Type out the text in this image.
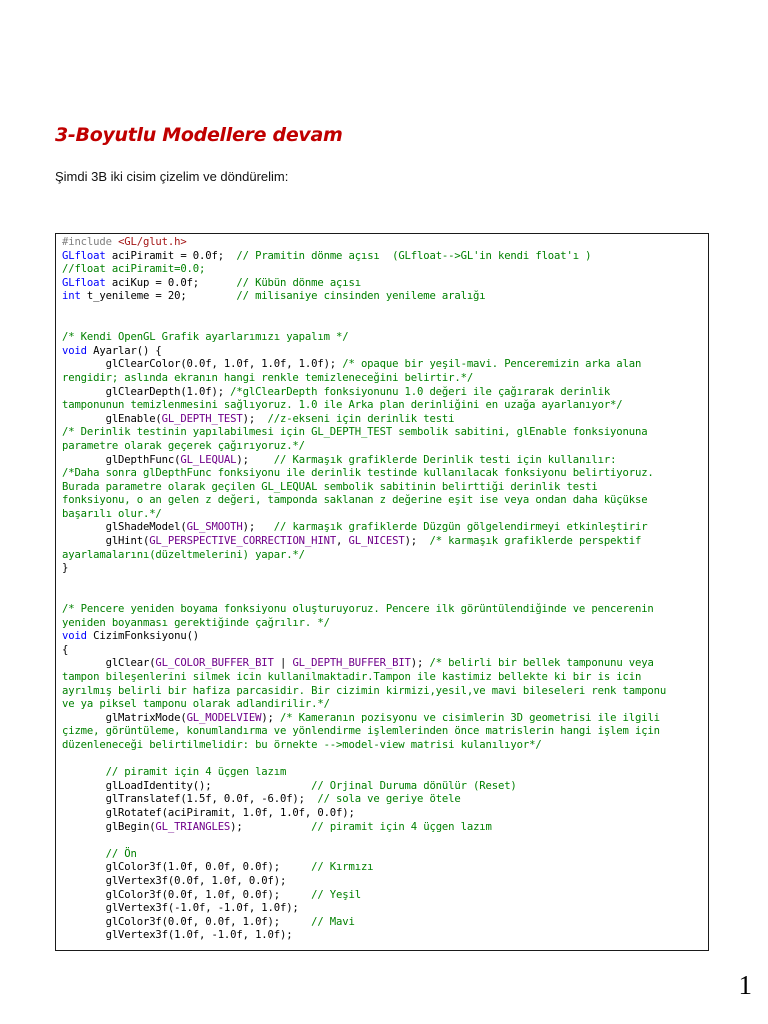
3-Boyutlu Modellere devam

Şimdi 3B iki cisim çizelim ve döndürelim:

#include <GL/glut.h>
GLfloat aciPiramit = 0.0f;  // Pramitin dönme açısı  (GLfloat-->GL'in kendi float'ı )
//float aciPiramit=0.0;
GLfloat aciKup = 0.0f;      // Kübün dönme açısı
int t_yenileme = 20;        // milisaniye cinsinden yenileme aralığı

/* Kendi OpenGL Grafik ayarlarımızı yapalım */
void Ayarlar() {
glClearColor(0.0f, 1.0f, 1.0f, 1.0f); /* opaque bir yeşil-mavi. Penceremizin arka alan
rengidir; aslında ekranın hangi renkle temizleneceğini belirtir.*/
glClearDepth(1.0f); /*glClearDepth fonksiyonunu 1.0 değeri ile çağırarak derinlik
tamponunun temizlenmesini sağlıyoruz. 1.0 ile Arka plan derinliğini en uzağa ayarlanıyor*/
glEnable(GL_DEPTH_TEST);  //z-ekseni için derinlik testi
/* Derinlik testinin yapılabilmesi için GL_DEPTH_TEST sembolik sabitini, glEnable fonksiyonuna
parametre olarak geçerek çağırıyoruz.*/
glDepthFunc(GL_LEQUAL);    // Karmaşık grafiklerde Derinlik testi için kullanılır:
/*Daha sonra glDepthFunc fonksiyonu ile derinlik testinde kullanılacak fonksiyonu belirtiyoruz.
Burada parametre olarak geçilen GL_LEQUAL sembolik sabitinin belirttiği derinlik testi
fonksiyonu, o an gelen z değeri, tamponda saklanan z değerine eşit ise veya ondan daha küçükse
başarılı olur.*/
glShadeModel(GL_SMOOTH);   // karmaşık grafiklerde Düzgün gölgelendirmeyi etkinleştirir
glHint(GL_PERSPECTIVE_CORRECTION_HINT, GL_NICEST);  /* karmaşık grafiklerde perspektif
ayarlamalarını(düzeltmelerini) yapar.*/
}

/* Pencere yeniden boyama fonksiyonu oluşturuyoruz. Pencere ilk görüntülendiğinde ve pencerenin
yeniden boyanması gerektiğinde çağrılır. */
void CizimFonksiyonu()
{
glClear(GL_COLOR_BUFFER_BIT | GL_DEPTH_BUFFER_BIT); /* belirli bir bellek tamponunu veya
tampon bileşenlerini silmek icin kullanilmaktadir.Tampon ile kastimiz bellekte ki bir is icin
ayrılmış belirli bir hafiza parcasidir. Bir cizimin kirmizi,yesil,ve mavi bileseleri renk tamponu
ve ya piksel tamponu olarak adlandirilir.*/
glMatrixMode(GL_MODELVIEW); /* Kameranın pozisyonu ve cisimlerin 3D geometrisi ile ilgili
çizme, görüntüleme, konumlandırma ve yönlendirme işlemlerinden önce matrislerin hangi işlem için
düzenleneceği belirtilmelidir: bu örnekte -->model-view matrisi kulanılıyor*/

// piramit için 4 üçgen lazım
glLoadIdentity();                // Orjinal Duruma dönülür (Reset)
glTranslatef(1.5f, 0.0f, -6.0f);  // sola ve geriye ötele
glRotatef(aciPiramit, 1.0f, 1.0f, 0.0f);
glBegin(GL_TRIANGLES);           // piramit için 4 üçgen lazım

// Ön
glColor3f(1.0f, 0.0f, 0.0f);     // Kırmızı
glVertex3f(0.0f, 1.0f, 0.0f);
glColor3f(0.0f, 1.0f, 0.0f);     // Yeşil
glVertex3f(-1.0f, -1.0f, 1.0f);
glColor3f(0.0f, 0.0f, 1.0f);     // Mavi
glVertex3f(1.0f, -1.0f, 1.0f);
1
